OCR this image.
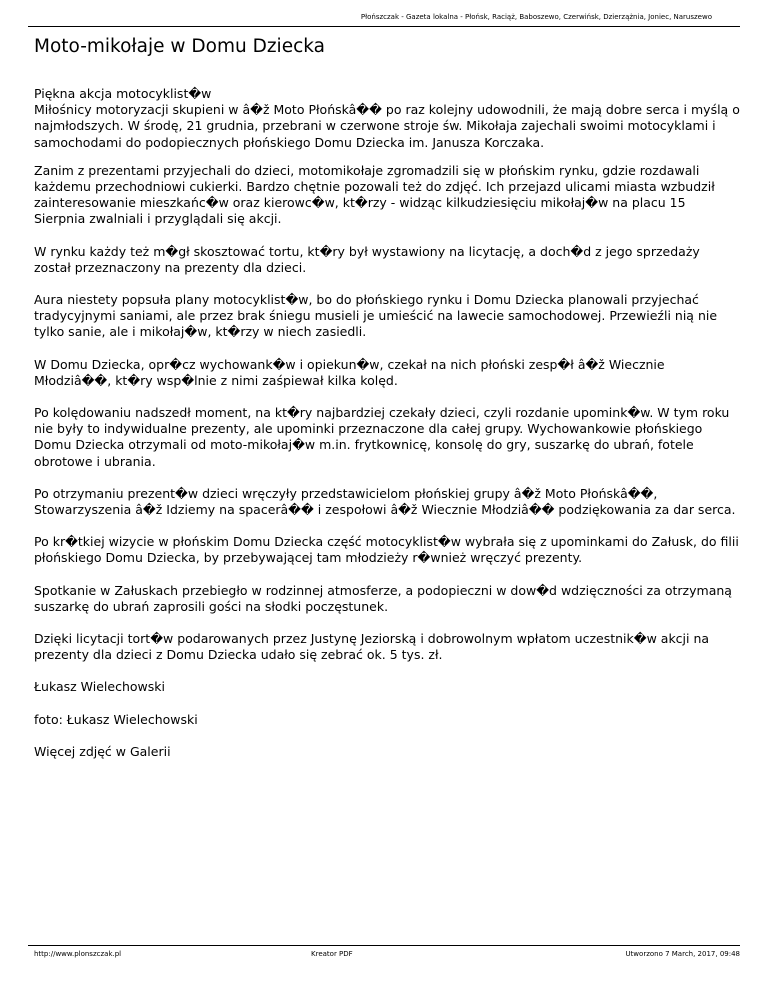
Płońszczak - Gazeta lokalna - Płońsk, Raciąż, Baboszewo, Czerwińsk, Dzierzążnia, Joniec, Naruszewo
Moto-mikołaje w Domu Dziecka

Piękna akcja motocyklist�w
Miłośnicy motoryzacji skupieni w â�ž Moto Płońskâ�� po raz kolejny udowodnili, że mają dobre serca i myślą o najmłodszych. W środę, 21 grudnia, przebrani w czerwone stroje św. Mikołaja zajechali swoimi motocyklami i samochodami do podopiecznych płońskiego Domu Dziecka im. Janusza Korczaka.

Zanim z prezentami przyjechali do dzieci, motomikołaje zgromadzili się w płońskim rynku, gdzie rozdawali każdemu przechodniowi cukierki. Bardzo chętnie pozowali też do zdjęć. Ich przejazd ulicami miasta wzbudził zainteresowanie mieszkańc�w oraz kierowc�w, kt�rzy - widząc kilkudziesięciu mikołaj�w na placu 15 Sierpnia zwalniali i przyglądali się akcji.

W rynku każdy też m�gł skosztować tortu, kt�ry był wystawiony na licytację, a doch�d z jego sprzedaży został przeznaczony na prezenty dla dzieci.

Aura niestety popsuła plany motocyklist�w, bo do płońskiego rynku i Domu Dziecka planowali przyjechać tradycyjnymi saniami, ale przez brak śniegu musieli je umieścić na lawecie samochodowej. Przewieźli nią nie tylko sanie, ale i mikołaj�w, kt�rzy w niech zasiedli.

W Domu Dziecka, opr�cz wychowank�w i opiekun�w, czekał na nich płoński zesp�ł â�ž Wiecznie Młodziâ��, kt�ry wsp�lnie z nimi zaśpiewał kilka kolęd.

Po kolędowaniu nadszedł moment, na kt�ry najbardziej czekały dzieci, czyli rozdanie upomink�w. W tym roku nie były to indywidualne prezenty, ale upominki przeznaczone dla całej grupy. Wychowankowie płońskiego Domu Dziecka otrzymali od moto-mikołaj�w m.in. frytkownicę, konsolę do gry, suszarkę do ubrań, fotele obrotowe i ubrania.

Po otrzymaniu prezent�w dzieci wręczyły przedstawicielom płońskiej grupy â�ž Moto Płońskâ��, Stowarzyszenia â�ž Idziemy na spacerâ�� i zespołowi â�ž Wiecznie Młodziâ�� podziękowania za dar serca.

Po kr�tkiej wizycie w płońskim Domu Dziecka część motocyklist�w wybrała się z upominkami do Załusk, do filii płońskiego Domu Dziecka, by przebywającej tam młodzieży r�wnież wręczyć prezenty.

Spotkanie w Załuskach przebiegło w rodzinnej atmosferze, a podopieczni w dow�d wdzięczności za otrzymaną suszarkę do ubrań zaprosili gości na słodki poczęstunek.

Dzięki licytacji tort�w podarowanych przez Justynę Jeziorską i dobrowolnym wpłatom uczestnik�w akcji na prezenty dla dzieci z Domu Dziecka udało się zebrać ok. 5 tys. zł.

Łukasz Wielechowski

foto: Łukasz Wielechowski

Więcej zdjęć w Galerii

http://www.plonszczak.pl	Kreator PDF	Utworzono 7 March, 2017, 09:48
